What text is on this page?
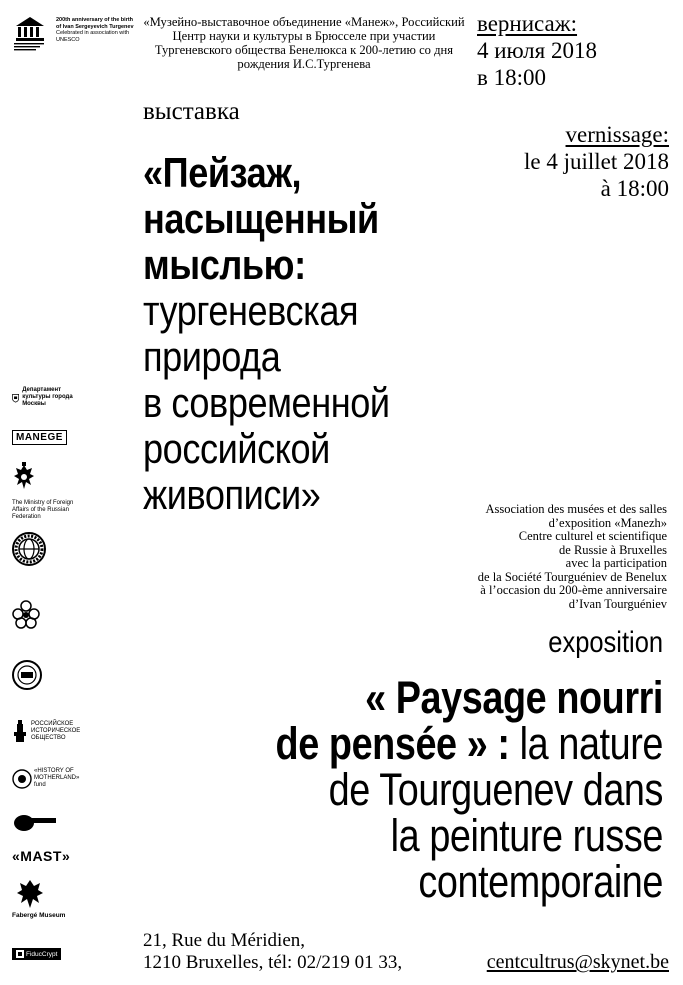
200th anniversary of the birth
of Ivan Sergeyevich Turgenev
Celebrated in association with UNESCO
«Музейно-выставочное объединение «Манеж», Российский Центр науки и культуры в Брюсселе при участии Тургеневского общества Бенелюкса к 200-летию со дня рождения И.С.Тургенева
вернисаж:
4 июля 2018
в 18:00
выставка
vernissage:
le 4 juillet 2018
à 18:00
«Пейзаж,
насыщенный
мыслью:
тургеневская
природа
в современной
российской
живописи»	Association des musées et des salles
d’exposition «Manezh»
Centre culturel et scientifique
de Russie à Bruxelles
avec la participation
de la Société Tourguéniev de Benelux
à l’occasion du 200-ème anniversaire
d’Ivan Tourguéniev
exposition
« Paysage nourri
de pensée » : la nature
de Tourguenev dans
la peinture russe
contemporaine
21, Rue du Méridien,
1210 Bruxelles, tél: 02/219 01 33,	centcultrus@skynet.be
Департамент культуры города Москвы
MANEGE
The Ministry of Foreign Affairs of the Russian Federation
РОССИЙСКОЕ ИСТОРИЧЕСКОЕ ОБЩЕСТВО
«HISTORY OF MOTHERLAND» fund
«MASТ»
Fabergé Museum
FiducCrypt
